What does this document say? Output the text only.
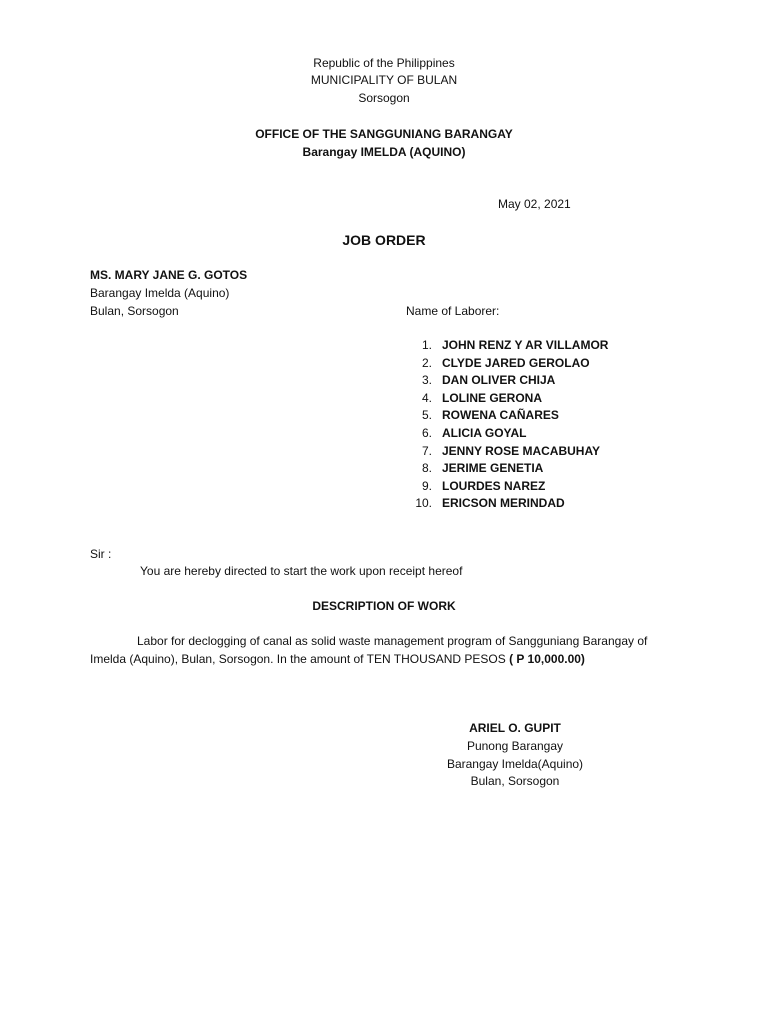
Republic of the Philippines
MUNICIPALITY OF BULAN
Sorsogon
OFFICE OF THE SANGGUNIANG BARANGAY
Barangay IMELDA (AQUINO)
May 02, 2021
JOB ORDER
MS. MARY JANE G. GOTOS
Barangay Imelda (Aquino)
Bulan, Sorsogon	Name of Laborer:
1. JOHN RENZ Y AR VILLAMOR
2. CLYDE JARED GEROLAO
3. DAN OLIVER CHIJA
4. LOLINE GERONA
5. ROWENA CAÑARES
6. ALICIA GOYAL
7. JENNY ROSE MACABUHAY
8. JERIME GENETIA
9. LOURDES NAREZ
10. ERICSON MERINDAD
Sir :
You are hereby directed to start the work upon receipt hereof
DESCRIPTION OF WORK
Labor for declogging of canal as solid waste management program of Sangguniang Barangay of
Imelda (Aquino), Bulan, Sorsogon. In the amount of TEN THOUSAND PESOS ( P 10,000.00)
ARIEL O. GUPIT
Punong Barangay
Barangay Imelda(Aquino)
Bulan, Sorsogon
